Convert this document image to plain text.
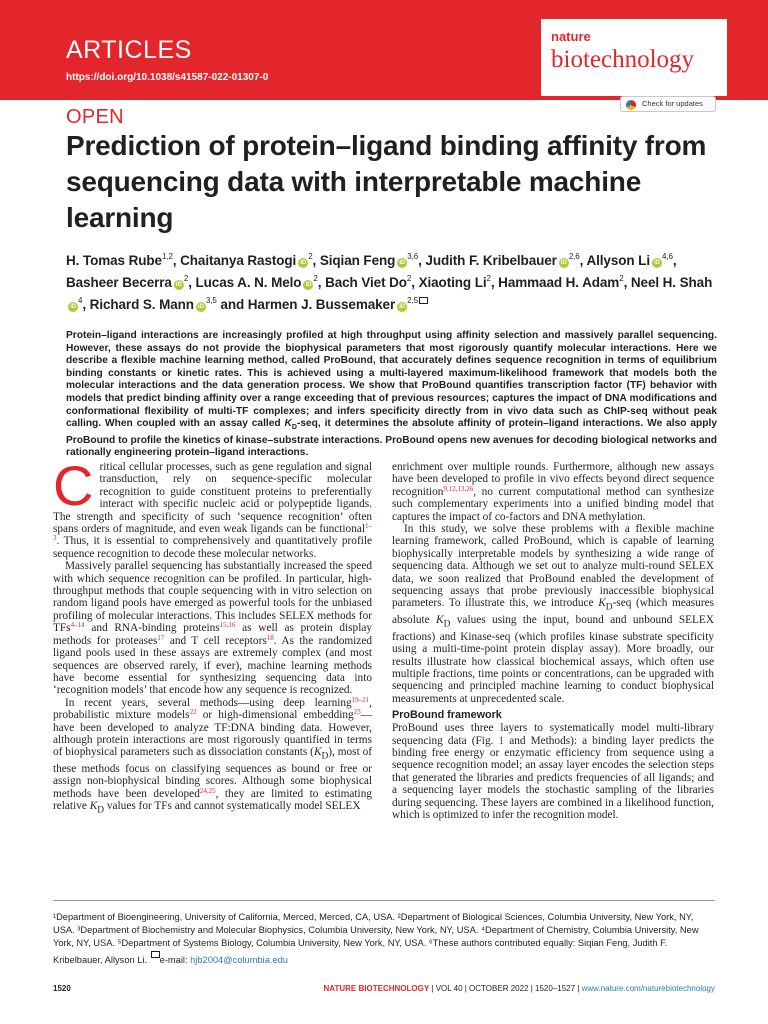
ARTICLES
https://doi.org/10.1038/s41587-022-01307-0
nature
biotechnology
Check for updates
OPEN
Prediction of protein–ligand binding affinity from sequencing data with interpretable machine learning
H. Tomas Rube$^{1,2}$, Chaitanya Rastogi $iD^2$, Siqian Feng iD$^{3,6}$, Judith F. Kribelbauer iD$^{2,6}$, Allyson Li iD$^{4,6}$, Basheer Becerra $iD^2$, Lucas A. N. Melo $iD^2$, Bach Viet Do$^2$, Xiaoting Li$^2$, Hammaad H. Adam$^2$, Neel H. ShahiD$^4$, Richard S. Mann iD$^{3,5}$ and Harmen J. Bussemaker iD$^{2,5}$
Protein–ligand interactions are increasingly profiled at high throughput using affinity selection and massively parallel sequencing. However, these assays do not provide the biophysical parameters that most rigorously quantify molecular interactions. Here we describe a flexible machine learning method, called ProBound, that accurately defines sequence recognition in terms of equilibrium binding constants or kinetic rates. This is achieved using a multi-layered maximum-likelihood framework that models both the molecular interactions and the data generation process. We show that ProBound quantifies transcription factor (TF) behavior with models that predict binding affinity over a range exceeding that of previous resources; captures the impact of DNA modifications and conformational flexibility of multi-TF complexes; and infers specificity directly from in vivo data such as ChIP-seq without peak calling. When coupled with an assay called $K_D$-seq, it determines the absolute affinity of protein–ligand interactions. We also apply ProBound to profile the kinetics of kinase–substrate interactions. ProBound opens new avenues for decoding biological networks and rationally engineering protein–ligand interactions.

Critical cellular processes, such as gene regulation and signal transduction, rely on sequence-specific molecular recognition to guide constituent proteins to preferentially interact with specific nucleic acid or polypeptide ligands. The strength and specificity of such ‘sequence recognition’ often spans orders of magnitude, and even weak ligands can be functional$^{1-3}$. Thus, it is essential to comprehensively and quantitatively profile sequence recognition to decode these molecular networks.

Massively parallel sequencing has substantially increased the speed with which sequence recognition can be profiled. In particular, high-throughput methods that couple sequencing with in vitro selection on random ligand pools have emerged as powerful tools for the unbiased profiling of molecular interactions. This includes SELEX methods for TFs$^{4-14}$ and RNA-binding proteins$^{15,16}$ as well as protein display methods for proteases$^{17}$ and T cell receptors$^{18}$. As the randomized ligand pools used in these assays are extremely complex (and most sequences are observed rarely, if ever), machine learning methods have become essential for synthesizing sequencing data into ‘recognition models’ that encode how any sequence is recognized.

In recent years, several methods—using deep learning$^{19-21}$, probabilistic mixture models$^{22}$ or high-dimensional embedding$^{23}$—have been developed to analyze TF:DNA binding data. However, although protein interactions are most rigorously quantified in terms of biophysical parameters such as dissociation constants $(K_D)$, most of these methods focus on classifying sequences as bound or free or assign non-biophysical binding scores. Although some biophysical methods have been developed$^{24,25}$, they are limited to estimating relative $K_D$ values for TFs and cannot systematically model SELEX

enrichment over multiple rounds. Furthermore, although new assays have been developed to profile in vivo effects beyond direct sequence recognition$^{9,12,13,26}$, no current computational method can synthesize such complementary experiments into a unified binding model that captures the impact of co-factors and DNA methylation.

In this study, we solve these problems with a flexible machine learning framework, called ProBound, which is capable of learning biophysically interpretable models by synthesizing a wide range of sequencing data. Although we set out to analyze multi-round SELEX data, we soon realized that ProBound enabled the development of sequencing assays that probe previously inaccessible biophysical parameters. To illustrate this, we introduce $K_D$-seq (which measures absolute $K_D$ values using the input, bound and unbound SELEX fractions) and Kinase-seq (which profiles kinase substrate specificity using a multi-time-point protein display assay). More broadly, our results illustrate how classical biochemical assays, which often use multiple fractions, time points or concentrations, can be upgraded with sequencing and principled machine learning to conduct biophysical measurements at unprecedented scale.

ProBound framework

ProBound uses three layers to systematically model multi-library sequencing data (Fig. 1 and Methods): a binding layer predicts the binding free energy or enzymatic efficiency from sequence using a sequence recognition model; an assay layer encodes the selection steps that generated the libraries and predicts frequencies of all ligands; and a sequencing layer models the stochastic sampling of the libraries during sequencing. These layers are combined in a likelihood function, which is optimized to infer the recognition model.

¹Department of Bioengineering, University of California, Merced, Merced, CA, USA. ²Department of Biological Sciences, Columbia University, New York, NY, USA. ³Department of Biochemistry and Molecular Biophysics, Columbia University, New York, NY, USA. ⁴Department of Chemistry, Columbia University, New York, NY, USA. ⁵Department of Systems Biology, Columbia University, New York, NY, USA. ⁶These authors contributed equally: Siqian Feng, Judith F. Kribelbauer, Allyson Li. e-mail: hjb2004@columbia.edu
1520	NATURE BIOTECHNOLOGY | VOL 40 | OCTOBER 2022 | 1520–1527 | www.nature.com/naturebiotechnology
